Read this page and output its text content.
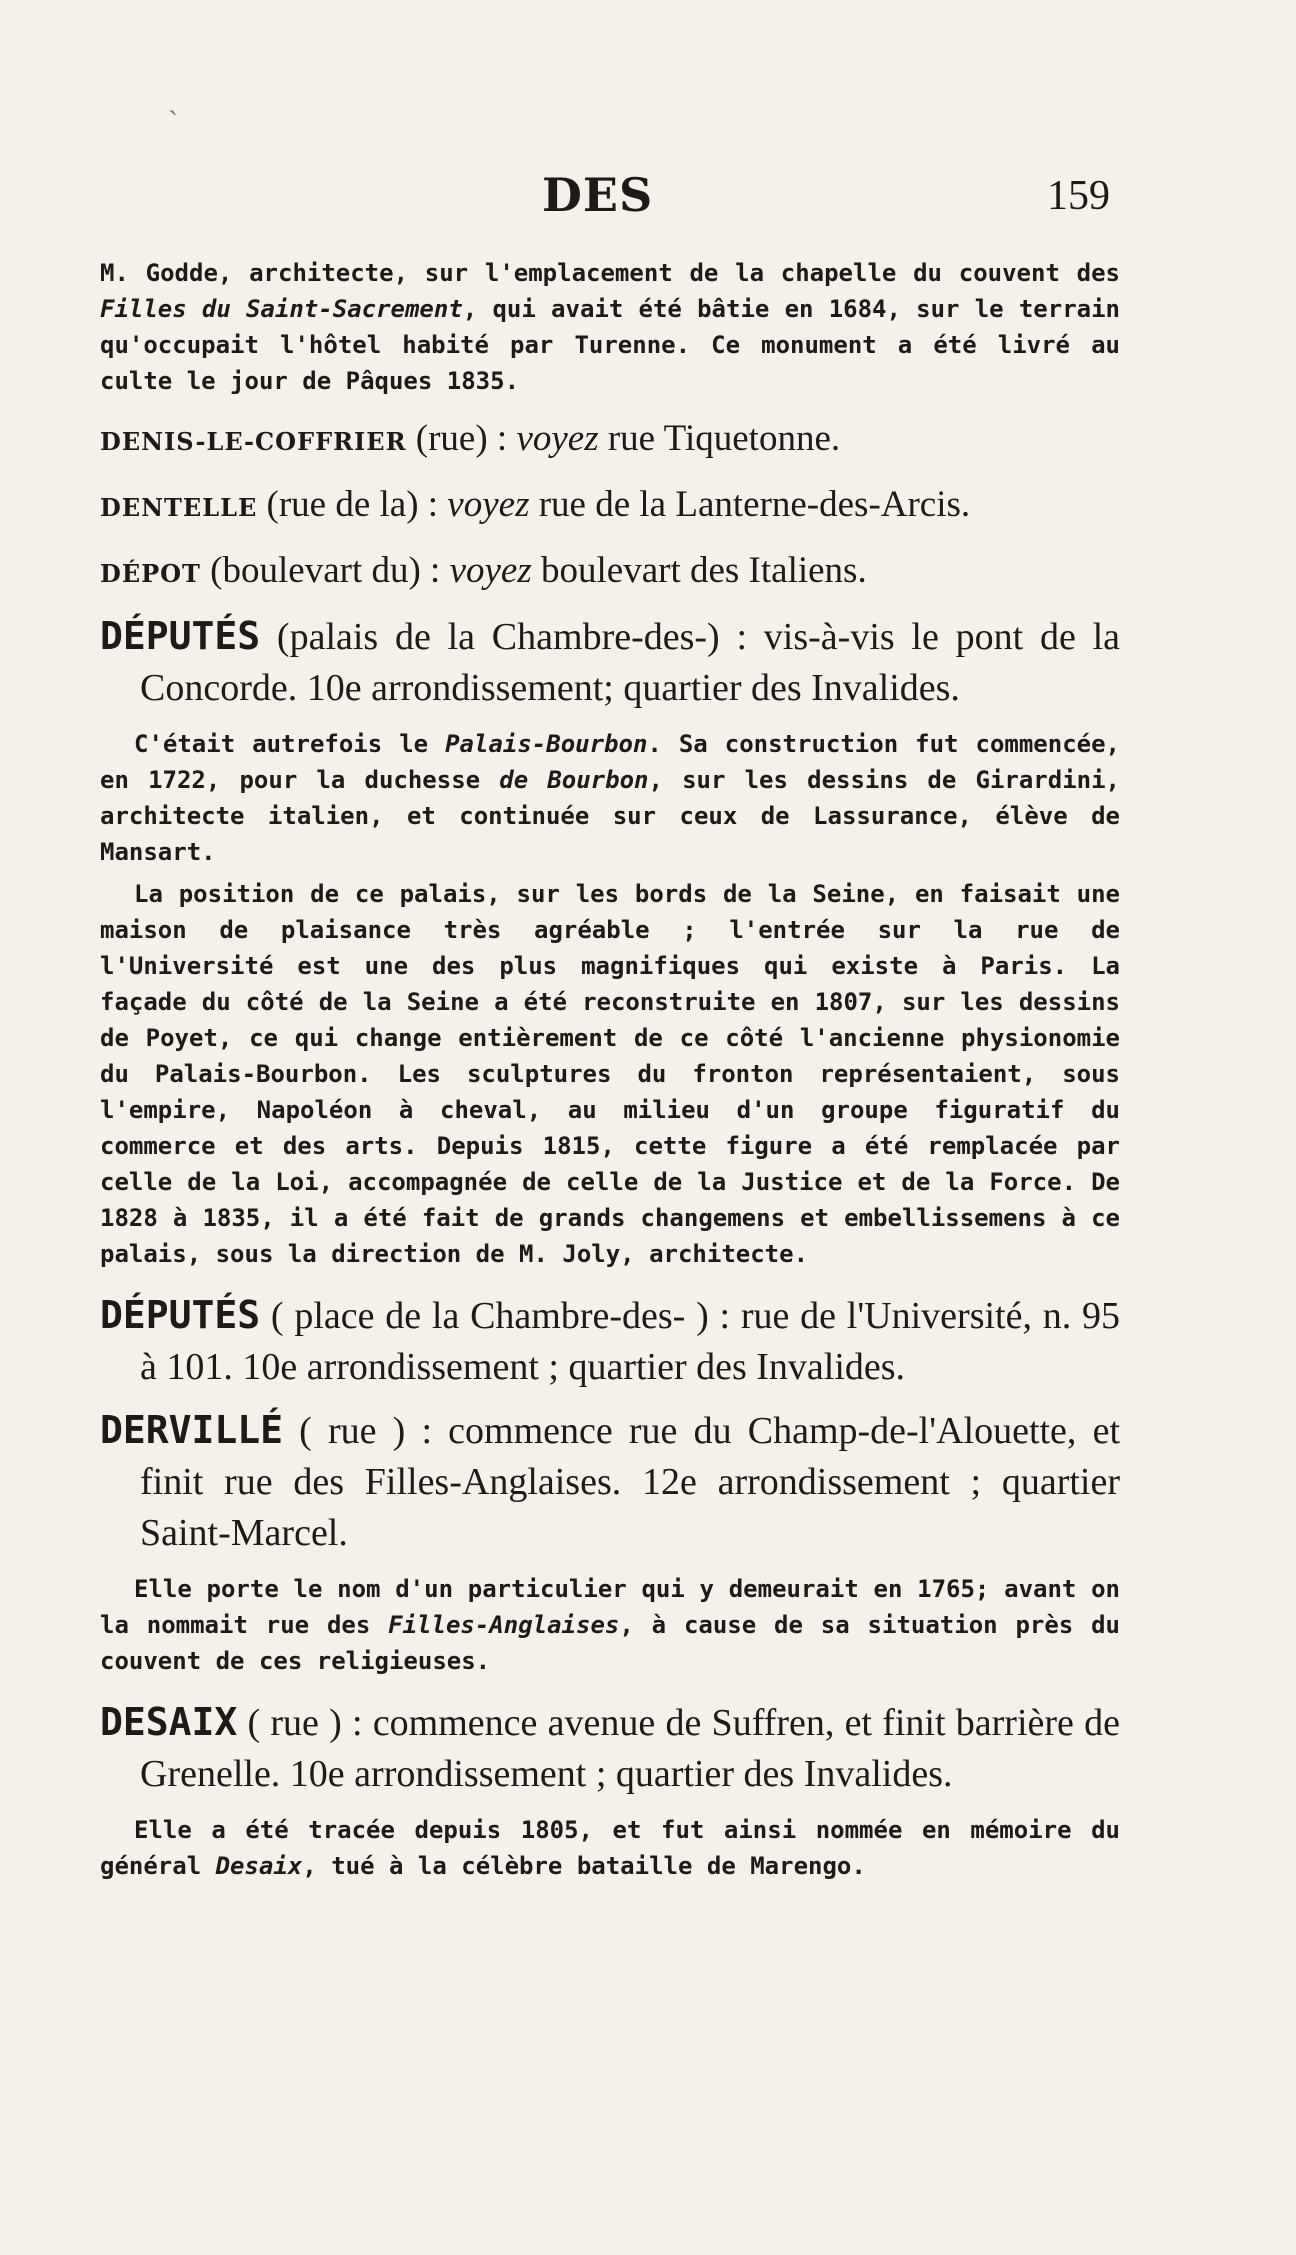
`
DES	159

M. Godde, architecte, sur l'emplacement de la chapelle du couvent des Filles du Saint-Sacrement, qui avait été bâtie en 1684, sur le terrain qu'occupait l'hôtel habité par Turenne. Ce monument a été livré au culte le jour de Pâques 1835.

DENIS-LE-COFFRIER (rue) : voyez rue Tiquetonne.

DENTELLE (rue de la) : voyez rue de la Lanterne-des-Arcis.

DÉPOT (boulevart du) : voyez boulevart des Italiens.

DÉPUTÉS (palais de la Chambre-des-) : vis-à-vis le pont de la Concorde. 10e arrondissement; quartier des Invalides.

C'était autrefois le Palais-Bourbon. Sa construction fut commencée, en 1722, pour la duchesse de Bourbon, sur les dessins de Girardini, architecte italien, et continuée sur ceux de Lassurance, élève de Mansart.

La position de ce palais, sur les bords de la Seine, en faisait une maison de plaisance très agréable ; l'entrée sur la rue de l'Université est une des plus magnifiques qui existe à Paris. La façade du côté de la Seine a été reconstruite en 1807, sur les dessins de Poyet, ce qui change entièrement de ce côté l'ancienne physionomie du Palais-Bourbon. Les sculptures du fronton représentaient, sous l'empire, Napoléon à cheval, au milieu d'un groupe figuratif du commerce et des arts. Depuis 1815, cette figure a été remplacée par celle de la Loi, accompagnée de celle de la Justice et de la Force. De 1828 à 1835, il a été fait de grands changemens et embellissemens à ce palais, sous la direction de M. Joly, architecte.

DÉPUTÉS ( place de la Chambre-des- ) : rue de l'Université, n. 95 à 101. 10e arrondissement ; quartier des Invalides.

DERVILLÉ ( rue ) : commence rue du Champ-de-l'Alouette, et finit rue des Filles-Anglaises. 12e arrondissement ; quartier Saint-Marcel.

Elle porte le nom d'un particulier qui y demeurait en 1765; avant on la nommait rue des Filles-Anglaises, à cause de sa situation près du couvent de ces religieuses.

DESAIX ( rue ) : commence avenue de Suffren, et finit barrière de Grenelle. 10e arrondissement ; quartier des Invalides.

Elle a été tracée depuis 1805, et fut ainsi nommée en mémoire du général Desaix, tué à la célèbre bataille de Marengo.
